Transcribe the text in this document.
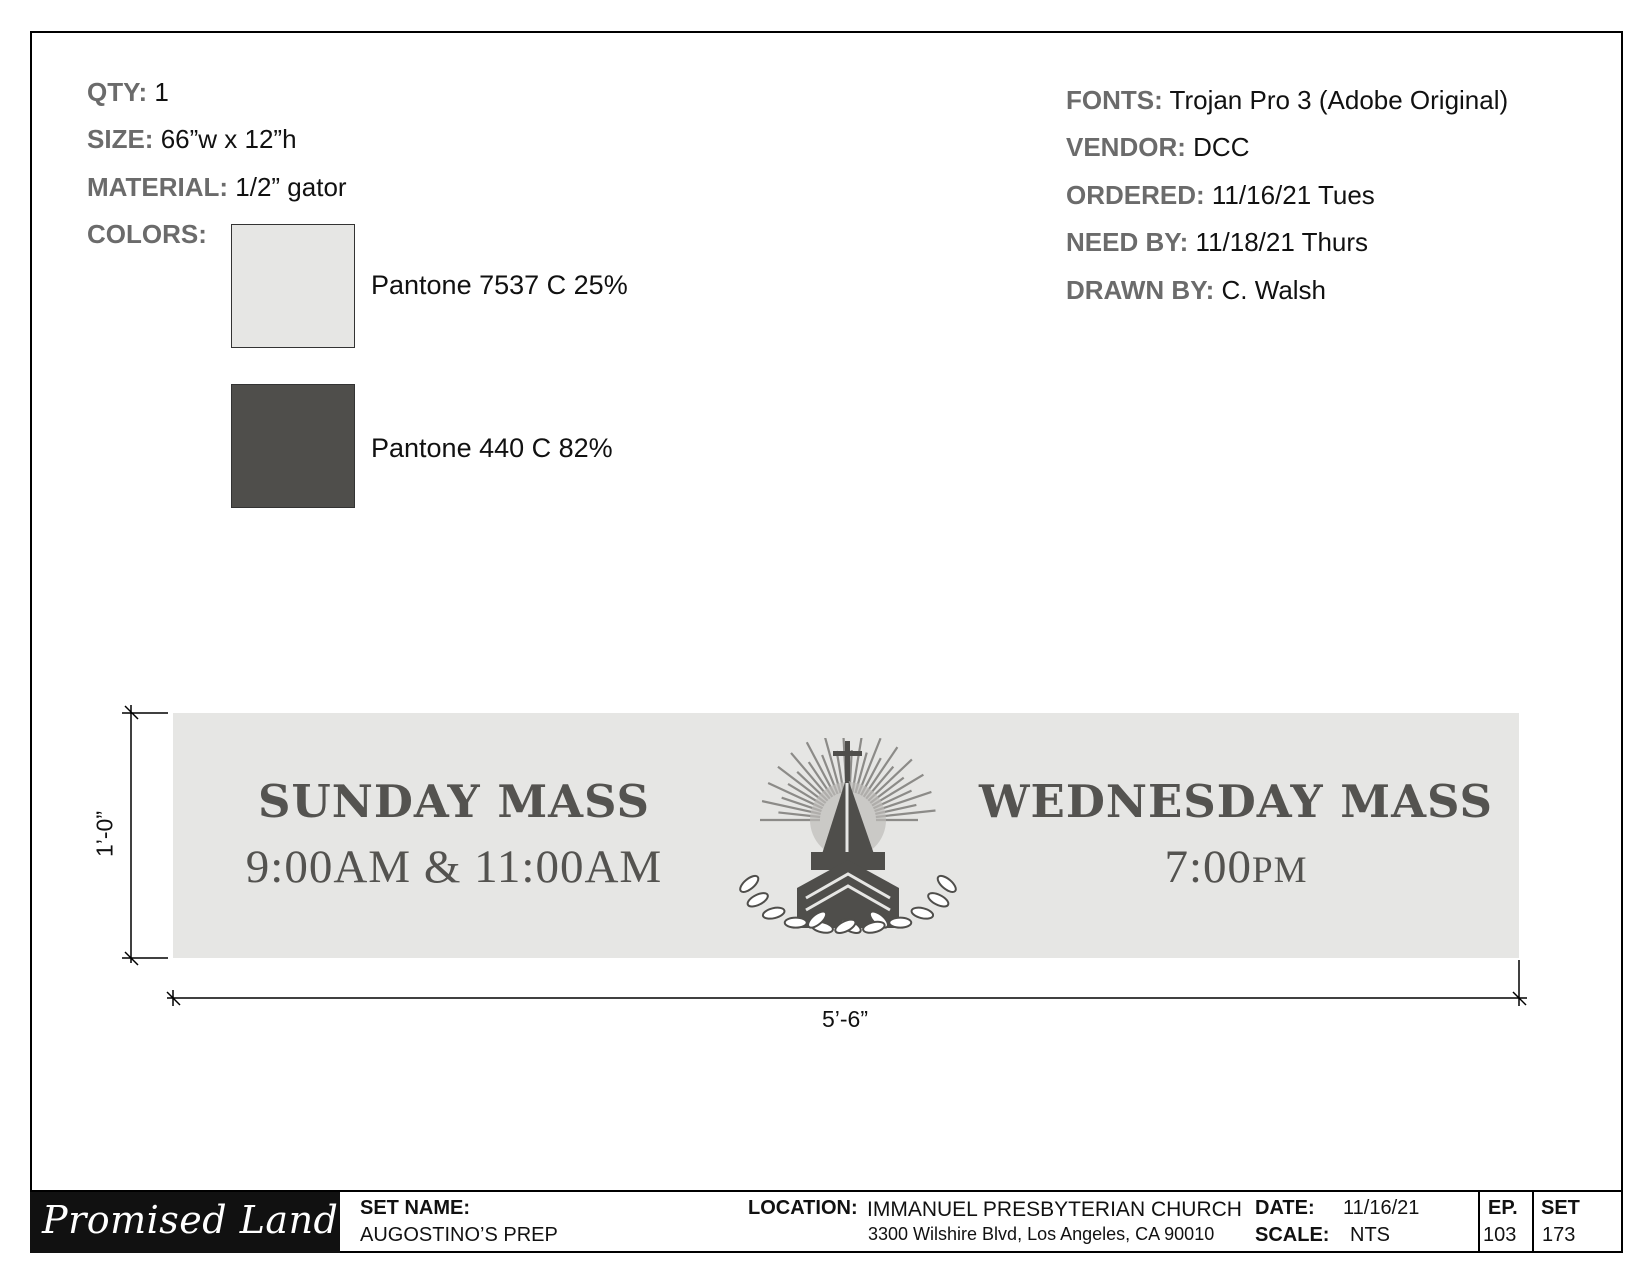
QTY: 1
SIZE: 66”w x 12”h
MATERIAL: 1/2” gator
COLORS:
Pantone 7537 C 25%
Pantone 440 C 82%
FONTS: Trojan Pro 3 (Adobe Original)
VENDOR: DCC
ORDERED: 11/16/21 Tues
NEED BY: 11/18/21 Thurs
DRAWN BY: C. Walsh
SUNDAY MASS
9:00AM & 11:00AM
WEDNESDAY MASS
7:00PM
1’-0”
5’-6”
Promised Land SET NAME:
AUGOSTINO’S PREP
LOCATION: IMMANUEL PRESBYTERIAN CHURCH
3300 Wilshire Blvd, Los Angeles, CA 90010
DATE: 11/16/21
SCALE: NTS
EP.
103
SET
173
